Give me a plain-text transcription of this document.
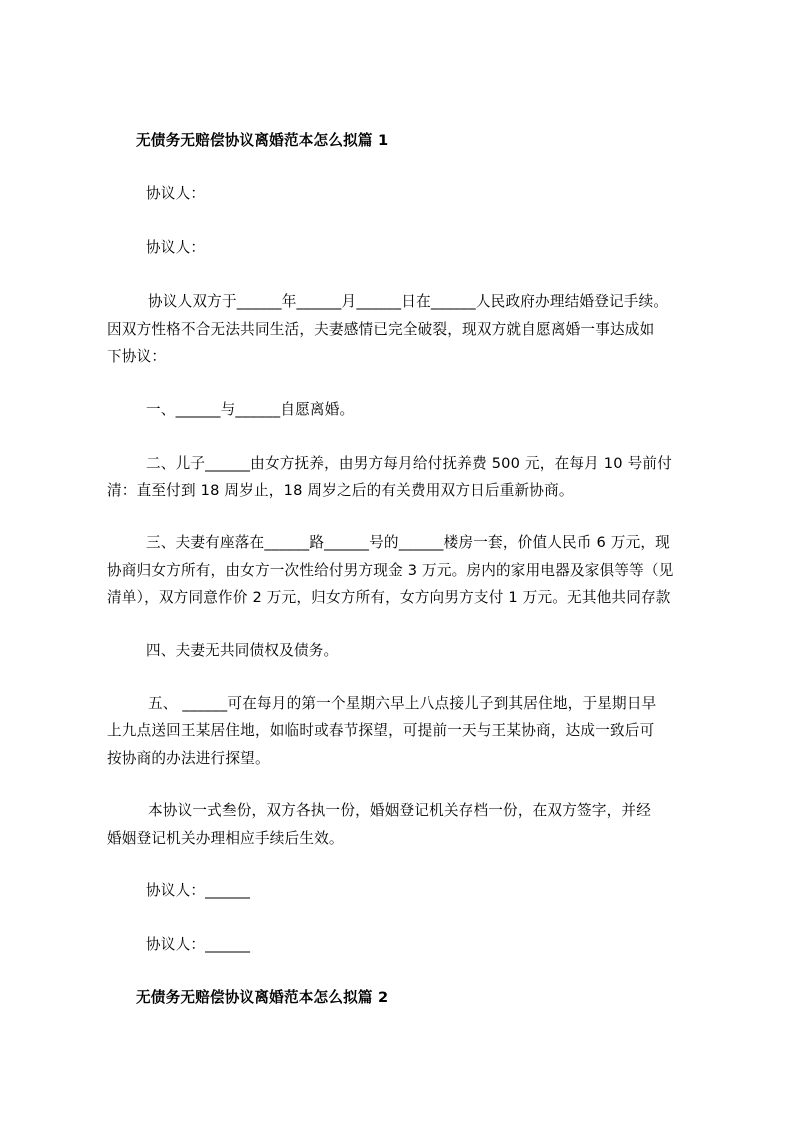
无债务无赔偿协议离婚范本怎么拟篇 1
协议人：
协议人：
协议人双方于______年______月______日在______人民政府办理结婚登记手续。
因双方性格不合无法共同生活，夫妻感情已完全破裂，现双方就自愿离婚一事达成如
下协议：
一、______与______自愿离婚。
二、儿子______由女方抚养，由男方每月给付抚养费 500 元，在每月 10 号前付
清：直至付到 18 周岁止，18 周岁之后的有关费用双方日后重新协商。
三、夫妻有座落在______路______号的______楼房一套，价值人民币 6 万元，现
协商归女方所有，由女方一次性给付男方现金 3 万元。房内的家用电器及家俱等等（见
清单），双方同意作价 2 万元，归女方所有，女方向男方支付 1 万元。无其他共同存款
四、夫妻无共同债权及债务。
五、 ______可在每月的第一个星期六早上八点接儿子到其居住地，于星期日早
上九点送回王某居住地，如临时或春节探望，可提前一天与王某协商，达成一致后可
按协商的办法进行探望。
本协议一式叁份，双方各执一份，婚姻登记机关存档一份，在双方签字，并经
婚姻登记机关办理相应手续后生效。
协议人：______
协议人：______
无债务无赔偿协议离婚范本怎么拟篇 2
